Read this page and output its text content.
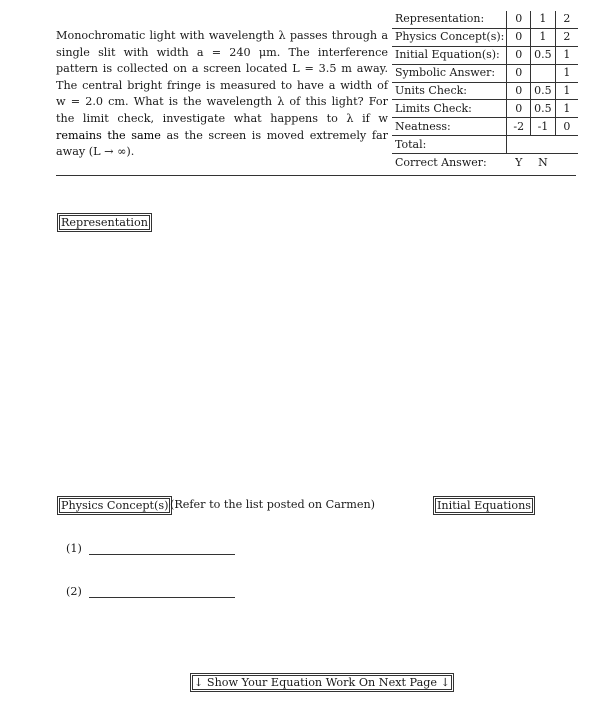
Monochromatic light with wavelength λ passes through a single slit with width a = 240 μm. The interference pattern is collected on a screen located L = 3.5 m away. The central bright fringe is measured to have a width of w = 2.0 cm. What is the wavelength λ of this light? For the limit check, investigate what happens to λ if w remains the same as the screen is moved extremely far away (L → ∞).
Representation:	0	1	2
Physics Concept(s):	0	1	2
Initial Equation(s):	0	0.5	1
Symbolic Answer:	0		1
Units Check:	0	0.5	1
Limits Check:	0	0.5	1
Neatness:	-2	-1	0
Total:			
Correct Answer:	Y	N	
Representation
Physics Concept(s) (Refer to the list posted on Carmen)	Initial Equations
(1)
(2)
↓ Show Your Equation Work On Next Page ↓
